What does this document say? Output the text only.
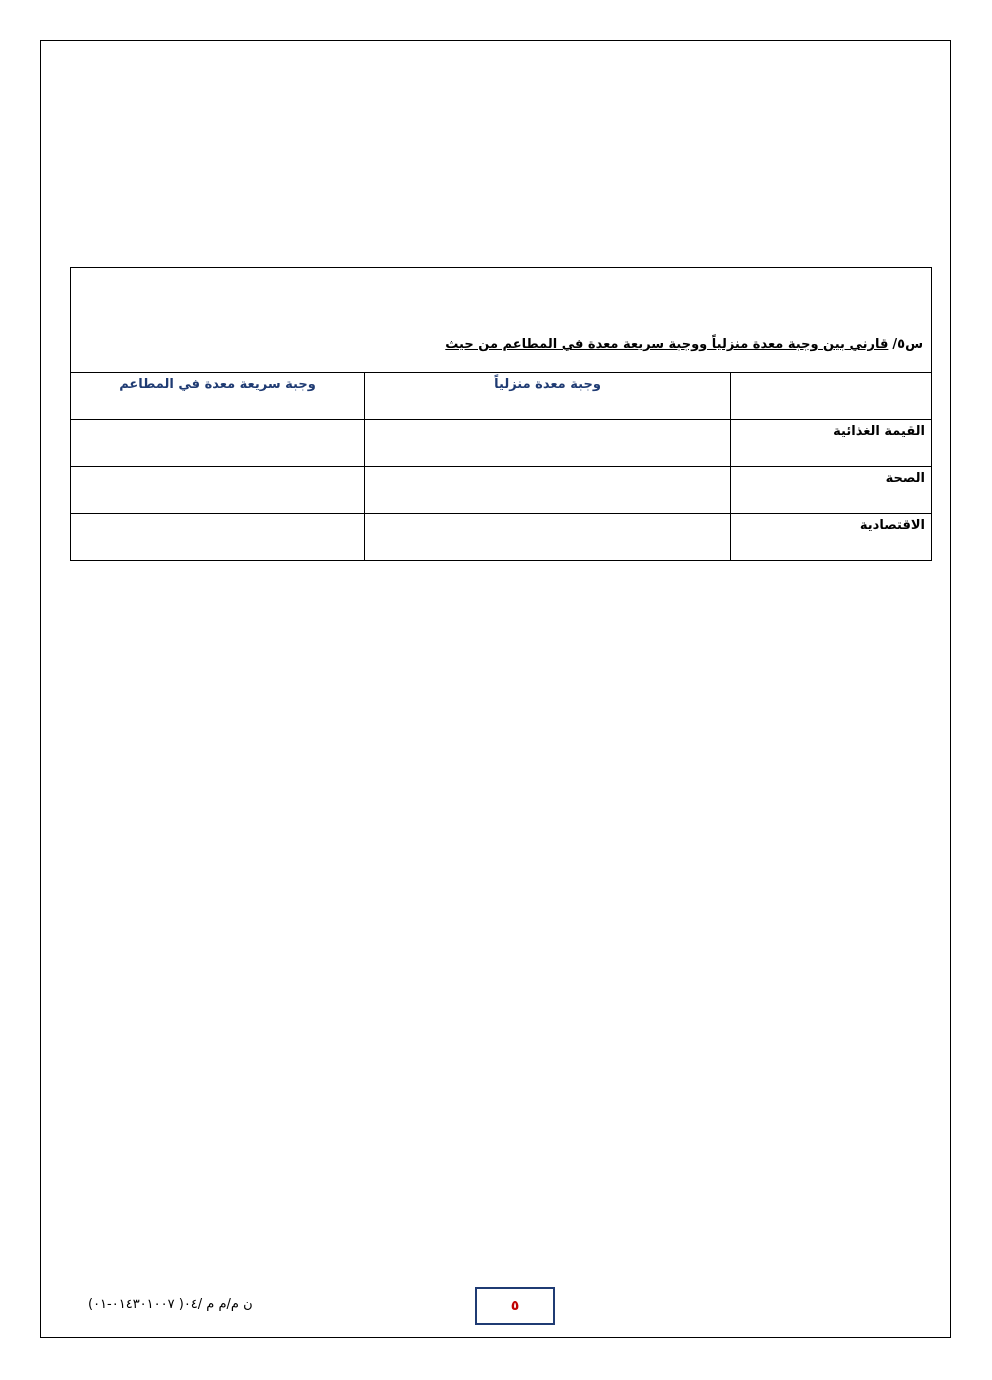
س٥/قارني بين وجبة معدة منزلياً ووجبة سريعة معدة في المطاعم من حيث		
	وجبة معدة منزلياً	وجبة سريعة معدة في المطاعم
القيمة الغذائية		
الصحة		
الاقتصادية		
ن م/م م /٠٤( ٠١٤٣٠١٠٠٧-٠١)	٥
